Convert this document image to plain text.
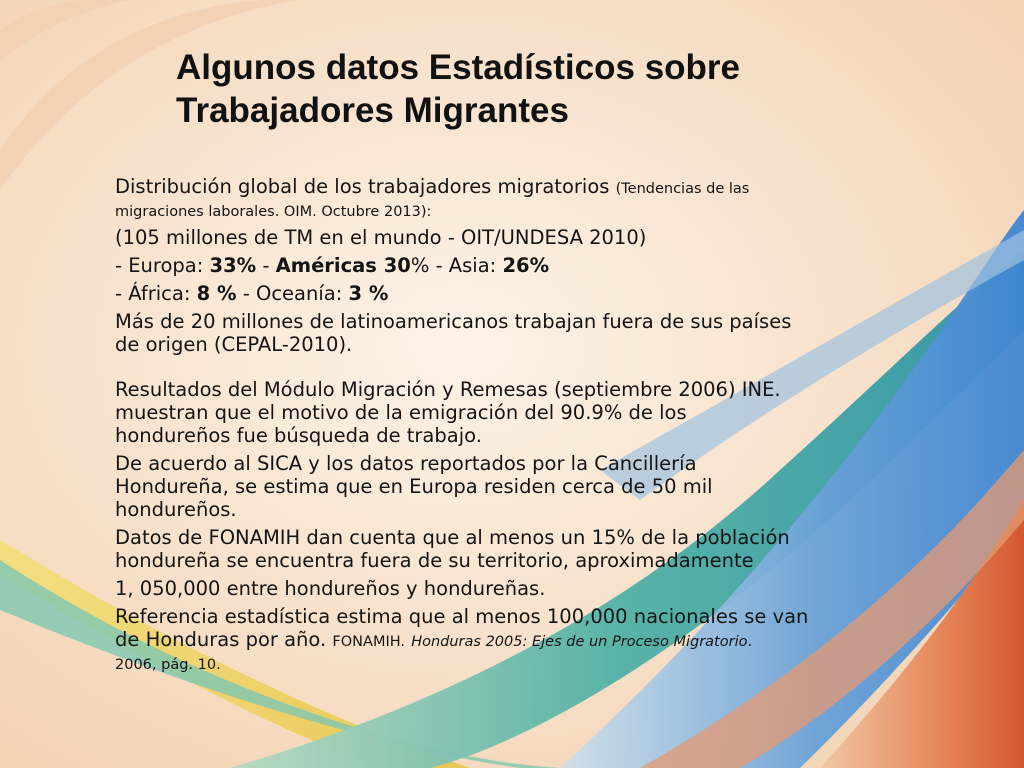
Algunos datos Estadísticos sobre
Trabajadores Migrantes

Distribución global de los trabajadores migratorios (Tendencias de las
migraciones laborales. OIM. Octubre 2013):

(105 millones de TM en el mundo - OIT/UNDESA 2010)

- Europa: 33% - Américas 30% - Asia: 26%

- África: 8 % - Oceanía: 3 %

Más de 20 millones de latinoamericanos trabajan fuera de sus países
de origen (CEPAL-2010).

Resultados del Módulo Migración y Remesas (septiembre 2006) INE.
muestran que el motivo de la emigración del 90.9% de los
hondureños fue búsqueda de trabajo.

De acuerdo al SICA y los datos reportados por la Cancillería
Hondureña, se estima que en Europa residen cerca de 50 mil
hondureños.

Datos de FONAMIH dan cuenta que al menos un 15% de la población
hondureña se encuentra fuera de su territorio, aproximadamente

1, 050,000 entre hondureños y hondureñas.

Referencia estadística estima que al menos 100,000 nacionales se van
de Honduras por año. FONAMIH. Honduras 2005: Ejes de un Proceso Migratorio.
2006, pág. 10.
